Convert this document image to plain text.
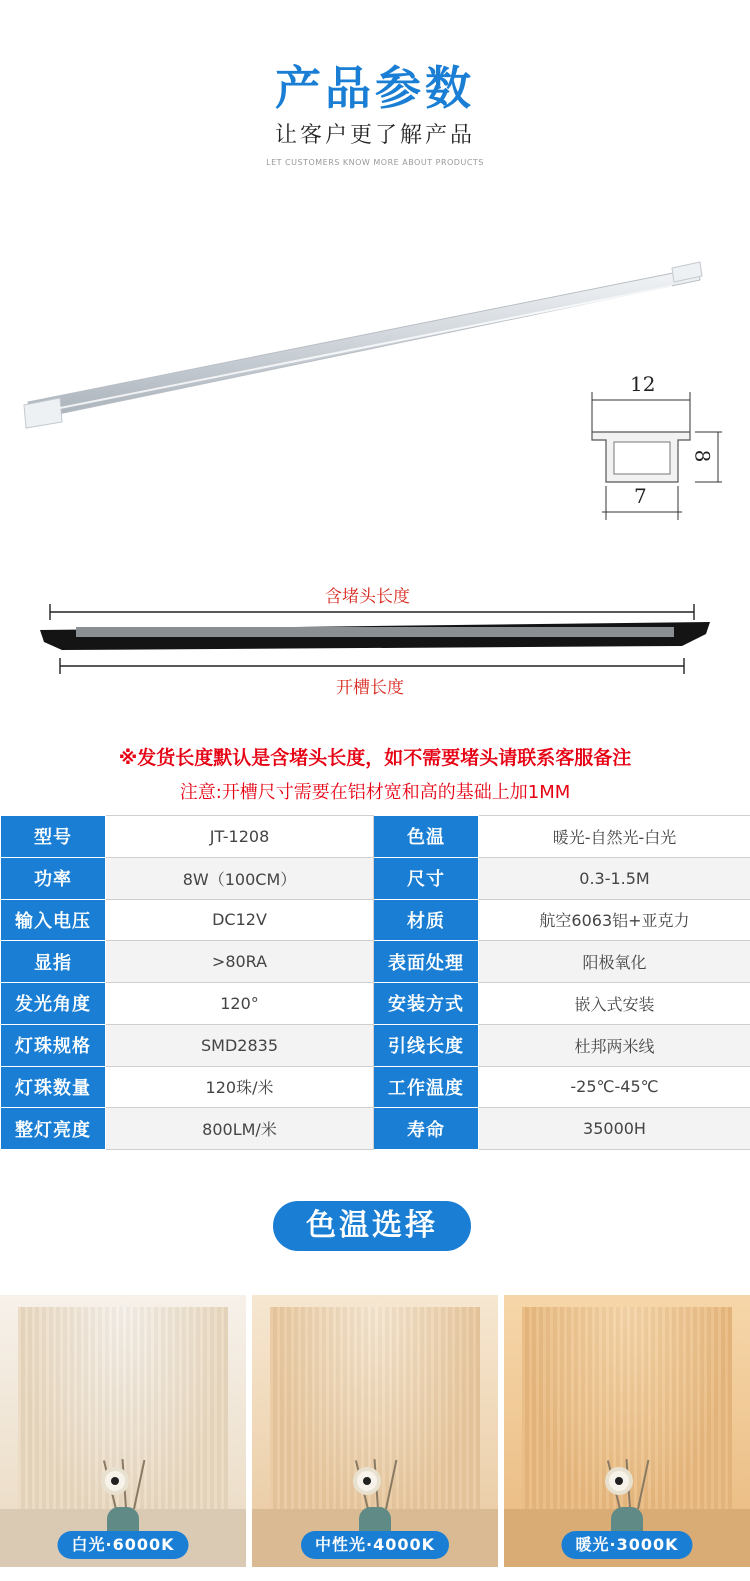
产品参数
让客户更了解产品
LET CUSTOMERS KNOW MORE ABOUT PRODUCTS
12
8
7
含堵头长度
开槽长度
※发货长度默认是含堵头长度，如不需要堵头请联系客服备注
注意:开槽尺寸需要在铝材宽和高的基础上加1MM
型号	JT-1208	色温	暖光-自然光-白光
功率	8W（100CM）	尺寸	0.3-1.5M
输入电压	DC12V	材质	航空6063铝+亚克力
显指	>80RA	表面处理	阳极氧化
发光角度	120°	安装方式	嵌入式安装
灯珠规格	SMD2835	引线长度	杜邦两米线
灯珠数量	120珠/米	工作温度	-25℃-45℃
整灯亮度	800LM/米	寿命	35000H
色温选择
白光·6000K	中性光·4000K	暖光·3000K
